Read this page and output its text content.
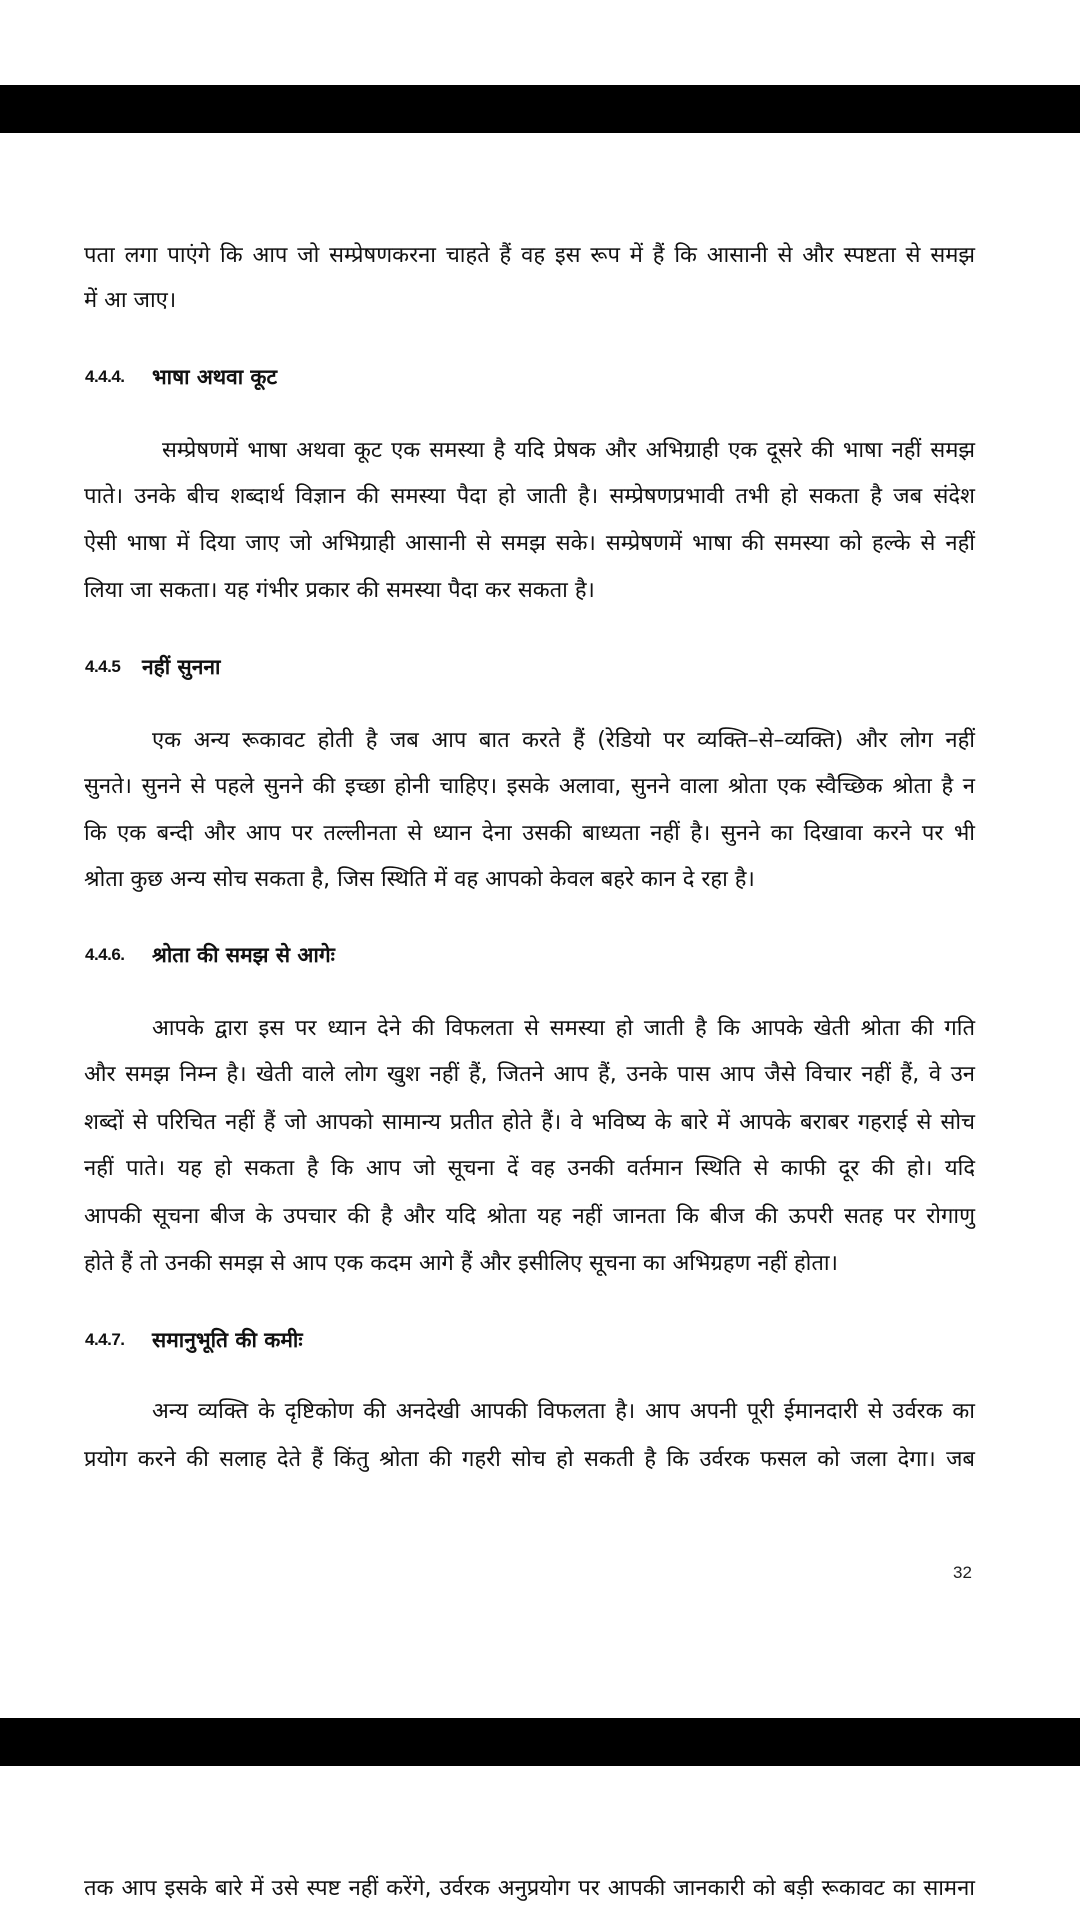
पता लगा पाएंगे कि आप जो सम्प्रेषणकरना चाहते हैं वह इस रूप में हैं कि आसानी से और स्पष्टता से समझ
में आ जाए।
4.4.4. भाषा अथवा कूट
सम्प्रेषणमें भाषा अथवा कूट एक समस्या है यदि प्रेषक और अभिग्राही एक दूसरे की भाषा नहीं समझ
पाते। उनके बीच शब्दार्थ विज्ञान की समस्या पैदा हो जाती है। सम्प्रेषणप्रभावी तभी हो सकता है जब संदेश
ऐसी भाषा में दिया जाए जो अभिग्राही आसानी से समझ सके। सम्प्रेषणमें भाषा की समस्या को हल्के से नहीं
लिया जा सकता। यह गंभीर प्रकार की समस्या पैदा कर सकता है।
4.4.5 नहीं सुनना
एक अन्य रूकावट होती है जब आप बात करते हैं (रेडियो पर व्यक्ति–से–व्यक्ति) और लोग नहीं
सुनते। सुनने से पहले सुनने की इच्छा होनी चाहिए। इसके अलावा, सुनने वाला श्रोता एक स्वैच्छिक श्रोता है न
कि एक बन्दी और आप पर तल्लीनता से ध्यान देना उसकी बाध्यता नहीं है। सुनने का दिखावा करने पर भी
श्रोता कुछ अन्य सोच सकता है, जिस स्थिति में वह आपको केवल बहरे कान दे रहा है।
4.4.6. श्रोता की समझ से आगेः
आपके द्वारा इस पर ध्यान देने की विफलता से समस्या हो जाती है कि आपके खेती श्रोता की गति
और समझ निम्न है। खेती वाले लोग खुश नहीं हैं, जितने आप हैं, उनके पास आप जैसे विचार नहीं हैं, वे उन
शब्दों से परिचित नहीं हैं जो आपको सामान्य प्रतीत होते हैं। वे भविष्य के बारे में आपके बराबर गहराई से सोच
नहीं पाते। यह हो सकता है कि आप जो सूचना दें वह उनकी वर्तमान स्थिति से काफी दूर की हो। यदि
आपकी सूचना बीज के उपचार की है और यदि श्रोता यह नहीं जानता कि बीज की ऊपरी सतह पर रोगाणु
होते हैं तो उनकी समझ से आप एक कदम आगे हैं और इसीलिए सूचना का अभिग्रहण नहीं होता।
4.4.7. समानुभूति की कमीः
अन्य व्यक्ति के दृष्टिकोण की अनदेखी आपकी विफलता है। आप अपनी पूरी ईमानदारी से उर्वरक का
प्रयोग करने की सलाह देते हैं किंतु श्रोता की गहरी सोच हो सकती है कि उर्वरक फसल को जला देगा। जब
32
तक आप इसके बारे में उसे स्पष्ट नहीं करेंगे, उर्वरक अनुप्रयोग पर आपकी जानकारी को बड़ी रूकावट का सामना
